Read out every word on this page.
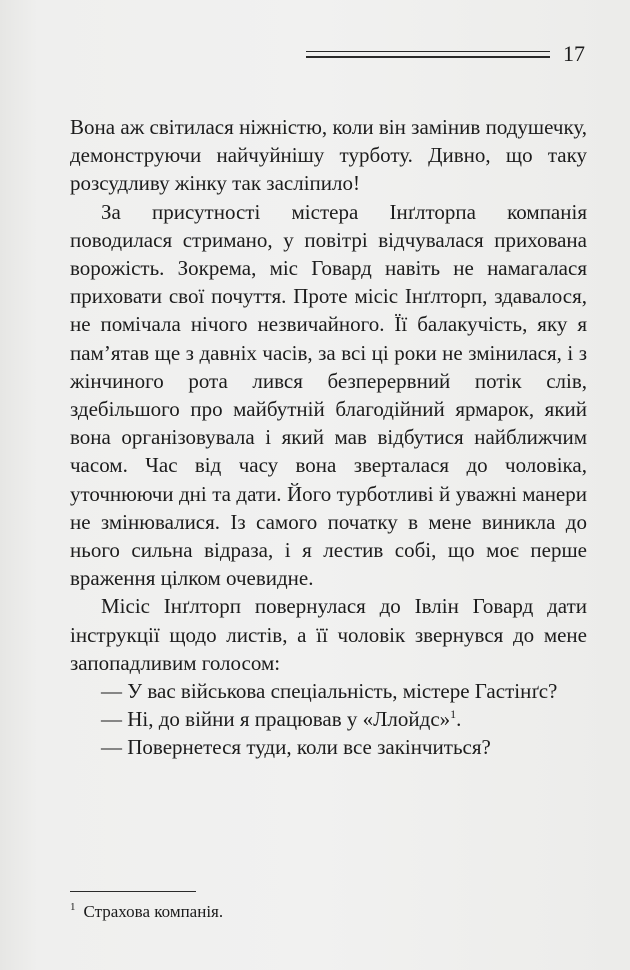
17

Вона аж світилася ніжністю, коли він замінив подушечку, демонструючи найчуйнішу турботу. Дивно, що таку розсудливу жінку так засліпило!

За присутності містера Інґлторпа компанія поводилася стримано, у повітрі відчувалася прихована ворожість. Зокрема, міс Говард навіть не намагалася приховати свої почуття. Проте місіс Інґлторп, здавалося, не помічала нічого незвичайного. Її балакучість, яку я пам’ятав ще з давніх часів, за всі ці роки не змінилася, і з жінчиного рота лився безперервний потік слів, здебільшого про майбутній благодійний ярмарок, який вона організовувала і який мав відбутися найближчим часом. Час від часу вона зверталася до чоловіка, уточнюючи дні та дати. Його турботливі й уважні манери не змінювалися. Із самого початку в мене виникла до нього сильна відраза, і я лестив собі, що моє перше враження цілком очевидне.

Місіс Інґлторп повернулася до Івлін Говард дати інструкції щодо листів, а її чоловік звернувся до мене запопадливим голосом:

— У вас військова спеціальність, містере Гастінґс?

— Ні, до війни я працював у «Ллойдс»$^1$.

— Повернетеся туди, коли все закінчиться?

$^1$ Страхова компанія.
